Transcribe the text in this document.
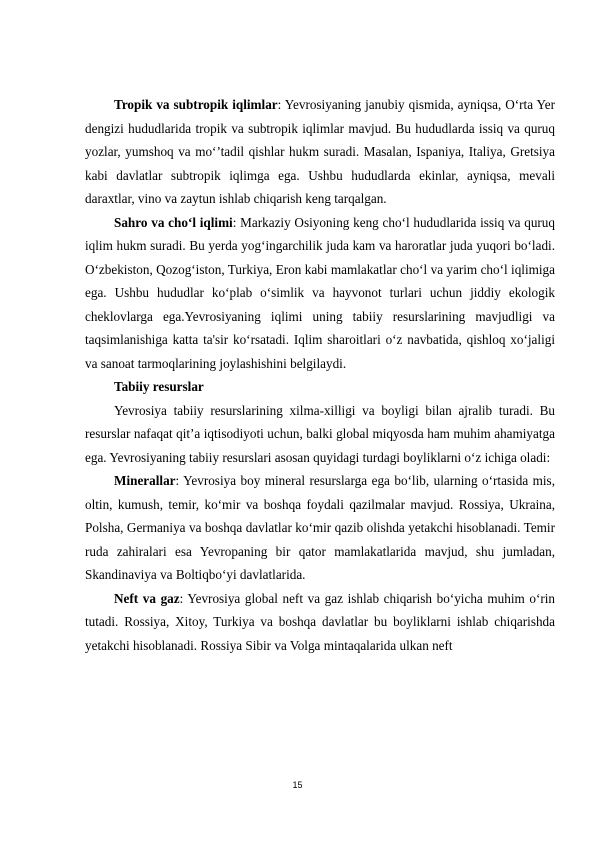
Tropik va subtropik iqlimlar: Yevrosiyaning janubiy qismida, ayniqsa, O‘rta Yer dengizi hududlarida tropik va subtropik iqlimlar mavjud. Bu hududlarda issiq va quruq yozlar, yumshoq va mo‘’tadil qishlar hukm suradi. Masalan, Ispaniya, Italiya, Gretsiya kabi davlatlar subtropik iqlimga ega. Ushbu hududlarda ekinlar, ayniqsa, mevali daraxtlar, vino va zaytun ishlab chiqarish keng tarqalgan.

Sahro va cho‘l iqlimi: Markaziy Osiyoning keng cho‘l hududlarida issiq va quruq iqlim hukm suradi. Bu yerda yog‘ingarchilik juda kam va haroratlar juda yuqori bo‘ladi. O‘zbekiston, Qozog‘iston, Turkiya, Eron kabi mamlakatlar cho‘l va yarim cho‘l iqlimiga ega. Ushbu hududlar ko‘plab o‘simlik va hayvonot turlari uchun jiddiy ekologik cheklovlarga ega.Yevrosiyaning iqlimi uning tabiiy resurslarining mavjudligi va taqsimlanishiga katta ta'sir ko‘rsatadi. Iqlim sharoitlari o‘z navbatida, qishloq xo‘jaligi va sanoat tarmoqlarining joylashishini belgilaydi.

Tabiiy resurslar

Yevrosiya tabiiy resurslarining xilma-xilligi va boyligi bilan ajralib turadi. Bu resurslar nafaqat qit’a iqtisodiyoti uchun, balki global miqyosda ham muhim ahamiyatga ega. Yevrosiyaning tabiiy resurslari asosan quyidagi turdagi boyliklarni o‘z ichiga oladi:

Minerallar: Yevrosiya boy mineral resurslarga ega bo‘lib, ularning o‘rtasida mis, oltin, kumush, temir, ko‘mir va boshqa foydali qazilmalar mavjud. Rossiya, Ukraina, Polsha, Germaniya va boshqa davlatlar ko‘mir qazib olishda yetakchi hisoblanadi. Temir ruda zahiralari esa Yevropaning bir qator mamlakatlarida mavjud, shu jumladan, Skandinaviya va Boltiqbo‘yi davlatlarida.

Neft va gaz: Yevrosiya global neft va gaz ishlab chiqarish bo‘yicha muhim o‘rin tutadi. Rossiya, Xitoy, Turkiya va boshqa davlatlar bu boyliklarni ishlab chiqarishda yetakchi hisoblanadi. Rossiya Sibir va Volga mintaqalarida ulkan neft

15
